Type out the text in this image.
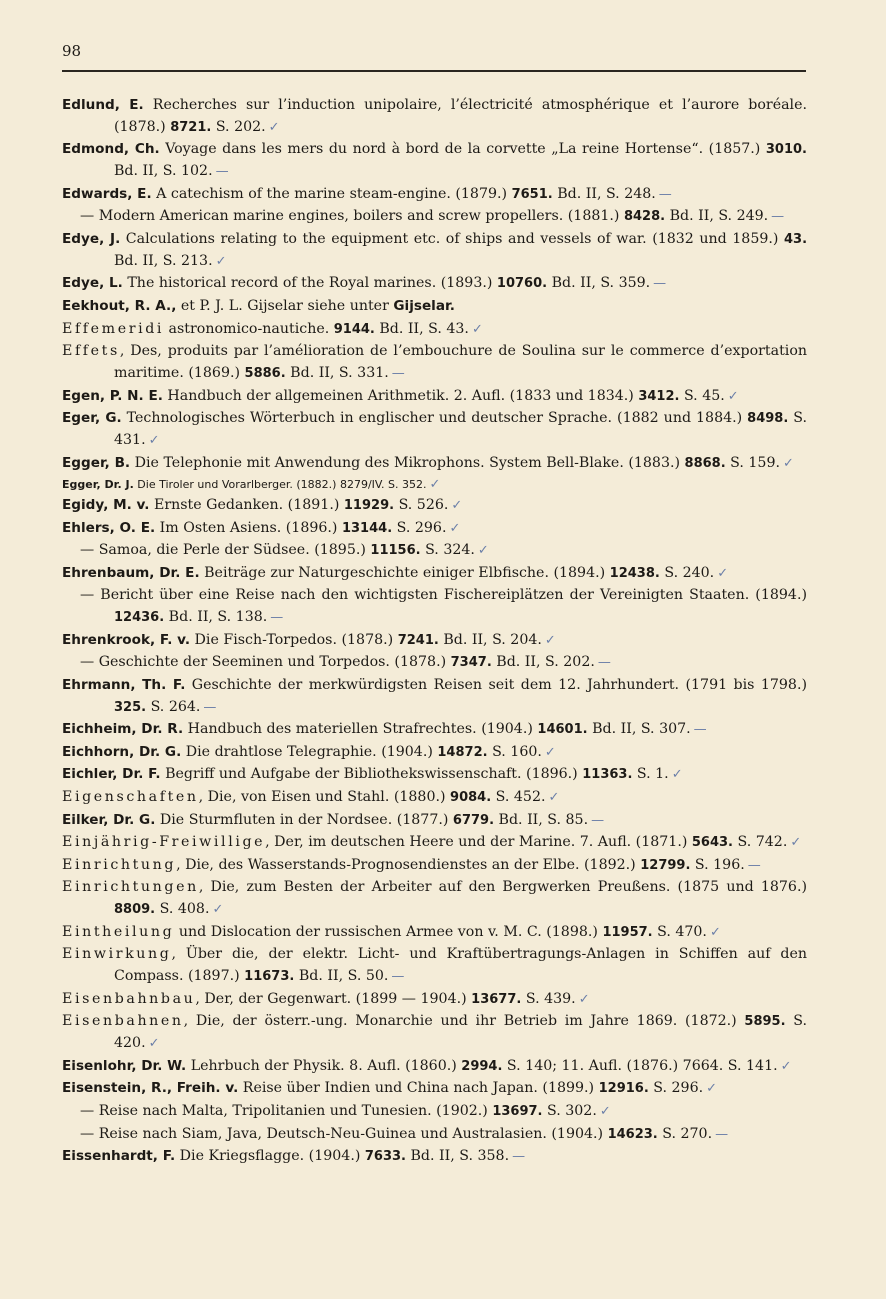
98
Edlund, E. Recherches sur l’induction unipolaire, l’électricité atmosphérique et l’aurore boréale. (1878.) 8721. S. 202. ✓
Edmond, Ch. Voyage dans les mers du nord à bord de la corvette „La reine Hortense“. (1857.) 3010. Bd. II, S. 102. —
Edwards, E. A catechism of the marine steam-engine. (1879.) 7651. Bd. II, S. 248. —
— Modern American marine engines, boilers and screw propellers. (1881.) 8428. Bd. II, S. 249. —
Edye, J. Calculations relating to the equipment etc. of ships and vessels of war. (1832 und 1859.) 43. Bd. II, S. 213. ✓
Edye, L. The historical record of the Royal marines. (1893.) 10760. Bd. II, S. 359. —
Eekhout, R. A., et P. J. L. Gijselar siehe unter Gijselar.
Effemeridi astronomico-nautiche. 9144. Bd. II, S. 43. ✓
Effets, Des, produits par l’amélioration de l’embouchure de Soulina sur le commerce d’exportation maritime. (1869.) 5886. Bd. II, S. 331. —
Egen, P. N. E. Handbuch der allgemeinen Arithmetik. 2. Aufl. (1833 und 1834.) 3412. S. 45. ✓
Eger, G. Technologisches Wörterbuch in englischer und deutscher Sprache. (1882 und 1884.) 8498. S. 431. ✓
Egger, B. Die Telephonie mit Anwendung des Mikrophons. System Bell-Blake. (1883.) 8868. S. 159. ✓
Egger, Dr. J. Die Tiroler und Vorarlberger. (1882.) 8279/IV. S. 352. ✓
Egidy, M. v. Ernste Gedanken. (1891.) 11929. S. 526. ✓
Ehlers, O. E. Im Osten Asiens. (1896.) 13144. S. 296. ✓
— Samoa, die Perle der Südsee. (1895.) 11156. S. 324. ✓
Ehrenbaum, Dr. E. Beiträge zur Naturgeschichte einiger Elbfische. (1894.) 12438. S. 240. ✓
— Bericht über eine Reise nach den wichtigsten Fischereiplätzen der Vereinigten Staaten. (1894.) 12436. Bd. II, S. 138. —
Ehrenkrook, F. v. Die Fisch-Torpedos. (1878.) 7241. Bd. II, S. 204. ✓
— Geschichte der Seeminen und Torpedos. (1878.) 7347. Bd. II, S. 202. —
Ehrmann, Th. F. Geschichte der merkwürdigsten Reisen seit dem 12. Jahrhundert. (1791 bis 1798.) 325. S. 264. —
Eichheim, Dr. R. Handbuch des materiellen Strafrechtes. (1904.) 14601. Bd. II, S. 307. —
Eichhorn, Dr. G. Die drahtlose Telegraphie. (1904.) 14872. S. 160. ✓
Eichler, Dr. F. Begriff und Aufgabe der Bibliothekswissenschaft. (1896.) 11363. S. 1. ✓
Eigenschaften, Die, von Eisen und Stahl. (1880.) 9084. S. 452. ✓
Eilker, Dr. G. Die Sturmfluten in der Nordsee. (1877.) 6779. Bd. II, S. 85. —
Einjährig-Freiwillige, Der, im deutschen Heere und der Marine. 7. Aufl. (1871.) 5643. S. 742. ✓
Einrichtung, Die, des Wasserstands-Prognosendienstes an der Elbe. (1892.) 12799. S. 196. —
Einrichtungen, Die, zum Besten der Arbeiter auf den Bergwerken Preußens. (1875 und 1876.) 8809. S. 408. ✓
Eintheilung und Dislocation der russischen Armee von v. M. C. (1898.) 11957. S. 470. ✓
Einwirkung, Über die, der elektr. Licht- und Kraftübertragungs-Anlagen in Schiffen auf den Compass. (1897.) 11673. Bd. II, S. 50. —
Eisenbahnbau, Der, der Gegenwart. (1899 — 1904.) 13677. S. 439. ✓
Eisenbahnen, Die, der österr.-ung. Monarchie und ihr Betrieb im Jahre 1869. (1872.) 5895. S. 420. ✓
Eisenlohr, Dr. W. Lehrbuch der Physik. 8. Aufl. (1860.) 2994. S. 140; 11. Aufl. (1876.) 7664. S. 141. ✓
Eisenstein, R., Freih. v. Reise über Indien und China nach Japan. (1899.) 12916. S. 296. ✓
— Reise nach Malta, Tripolitanien und Tunesien. (1902.) 13697. S. 302. ✓
— Reise nach Siam, Java, Deutsch-Neu-Guinea und Australasien. (1904.) 14623. S. 270. —
Eissenhardt, F. Die Kriegsflagge. (1904.) 7633. Bd. II, S. 358. —
